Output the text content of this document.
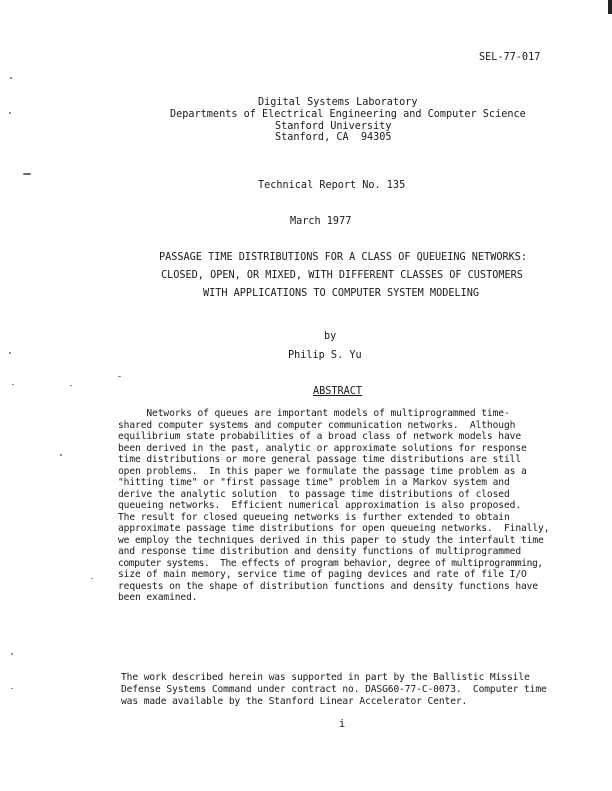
SEL-77-017
Digital Systems Laboratory
Departments of Electrical Engineering and Computer Science
Stanford University
Stanford, CA  94305
Technical Report No. 135
March 1977
PASSAGE TIME DISTRIBUTIONS FOR A CLASS OF QUEUEING NETWORKS:
CLOSED, OPEN, OR MIXED, WITH DIFFERENT CLASSES OF CUSTOMERS
WITH APPLICATIONS TO COMPUTER SYSTEM MODELING
by
Philip S. Yu
ABSTRACT
Networks of queues are important models of multiprogrammed time-
shared computer systems and computer communication networks.  Although
equilibrium state probabilities of a broad class of network models have
been derived in the past, analytic or approximate solutions for response
time distributions or more general passage time distributions are still
open problems.  In this paper we formulate the passage time problem as a
"hitting time" or "first passage time" problem in a Markov system and
derive the analytic solution  to passage time distributions of closed
queueing networks.  Efficient numerical approximation is also proposed.
The result for closed queueing networks is further extended to obtain
approximate passage time distributions for open queueing networks.  Finally,
we employ the techniques derived in this paper to study the interfault time
and response time distribution and density functions of multiprogrammed
computer systems.  The effects of program behavior, degree of multiprogramming,
size of main memory, service time of paging devices and rate of file I/O
requests on the shape of distribution functions and density functions have
been examined.
The work described herein was supported in part by the Ballistic Missile
Defense Systems Command under contract no. DASG60-77-C-0073.  Computer time
was made available by the Stanford Linear Accelerator Center.
i
